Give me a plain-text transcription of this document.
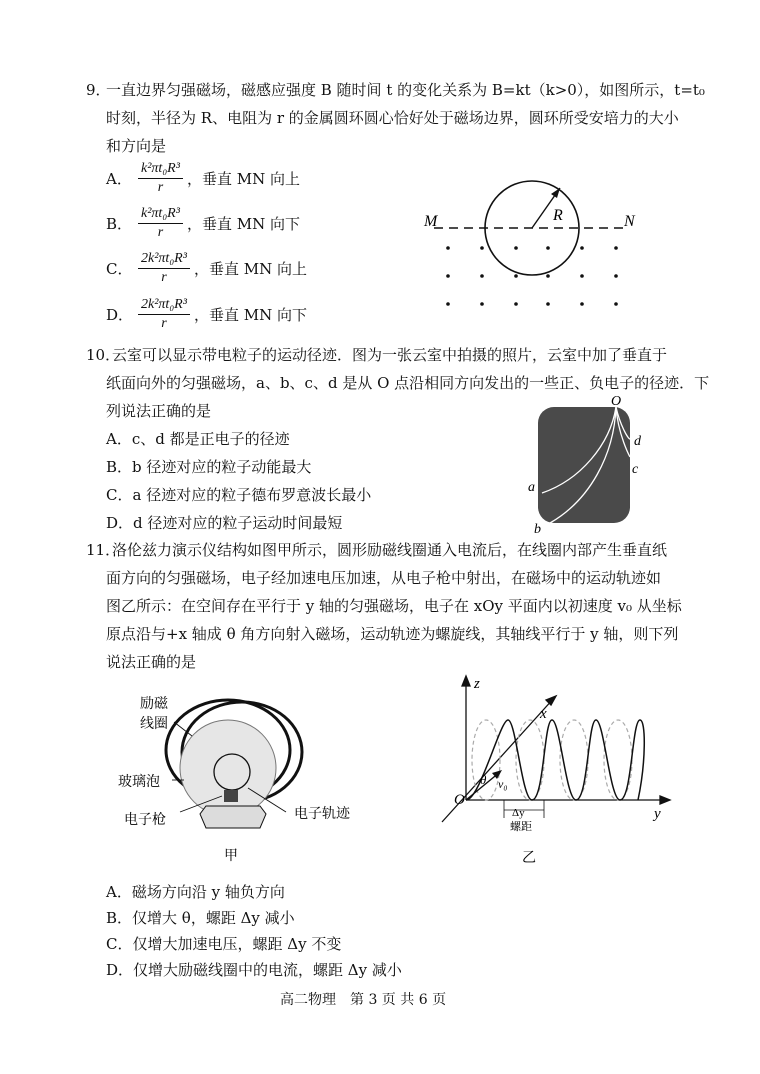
9．
一直边界匀强磁场，磁感应强度 B 随时间 t 的变化关系为 B=kt（k>0），如图所示，t=t₀
时刻，半径为 R、电阻为 r 的金属圆环圆心恰好处于磁场边界，圆环所受安培力的大小
和方向是
A． $\frac{\text{k²πt₀R³}}{r}$ ，垂直 MN 向上
B． $\frac{\text{k²πt₀R³}}{r}$ ，垂直 MN 向下
C． $\frac{\text{2k²πt₀R³}}{r}$ ，垂直 MN 向上
D． $\frac{\text{2k²πt₀R³}}{r}$ ，垂直 MN 向下
M	N
R
10．
云室可以显示带电粒子的运动径迹．图为一张云室中拍摄的照片，云室中加了垂直于
纸面向外的匀强磁场，a、b、c、d 是从 O 点沿相同方向发出的一些正、负电子的径迹．下
列说法正确的是
A．c、d 都是正电子的径迹
B．b 径迹对应的粒子动能最大
C．a 径迹对应的粒子德布罗意波长最小
D．d 径迹对应的粒子运动时间最短
O
a
b
c
d
11．
洛伦兹力演示仪结构如图甲所示，圆形励磁线圈通入电流后，在线圈内部产生垂直纸
面方向的匀强磁场，电子经加速电压加速，从电子枪中射出，在磁场中的运动轨迹如
图乙所示：在空间存在平行于 y 轴的匀强磁场，电子在 xOy 平面内以初速度 v₀ 从坐标
原点沿与+x 轴成 θ 角方向射入磁场，运动轨迹为螺旋线，其轴线平行于 y 轴，则下列
说法正确的是
励磁
线圈
玻璃泡
电子枪	电子轨迹
甲
O
z
x
y
θ v₀
Δy
螺距
乙
A．磁场方向沿 y 轴负方向
B．仅增大 θ，螺距 Δy 减小
C．仅增大加速电压，螺距 Δy 不变
D．仅增大励磁线圈中的电流，螺距 Δy 减小
高二物理　第 3 页 共 6 页
